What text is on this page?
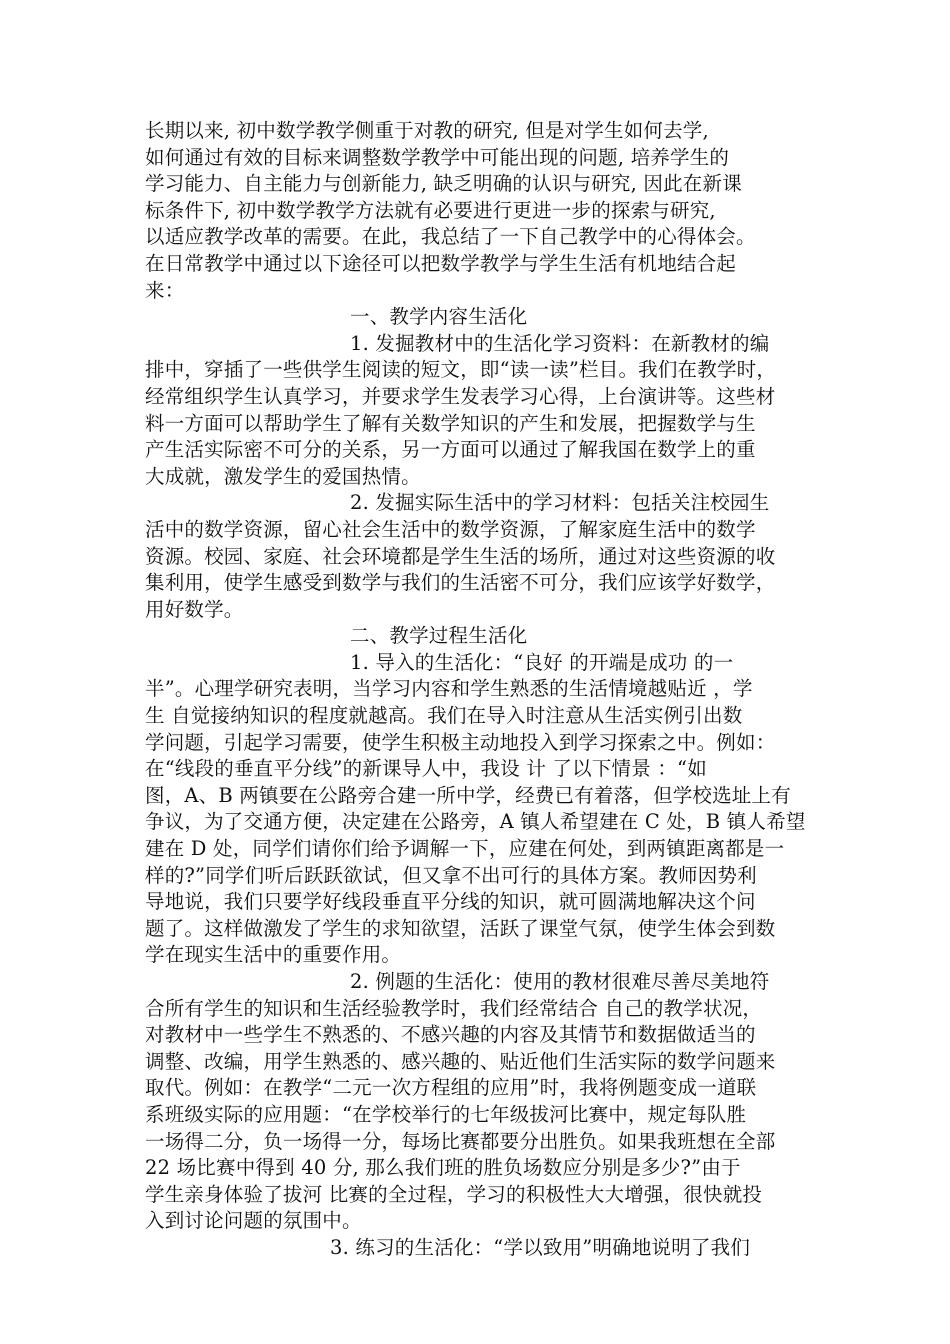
长期以来, 初中数学教学侧重于对教的研究, 但是对学生如何去学,
如何通过有效的目标来调整数学教学中可能出现的问题, 培养学生的
学习能力、自主能力与创新能力, 缺乏明确的认识与研究, 因此在新课
标条件下, 初中数学教学方法就有必要进行更进一步的探索与研究,
以适应教学改革的需要。在此，我总结了一下自己教学中的心得体会。
在日常教学中通过以下途径可以把数学教学与学生生活有机地结合起
来：
一、教学内容生活化
1. 发掘教材中的生活化学习资料：在新教材的编
排中，穿插了一些供学生阅读的短文，即“读一读”栏目。我们在教学时，
经常组织学生认真学习，并要求学生发表学习心得，上台演讲等。这些材
料一方面可以帮助学生了解有关数学知识的产生和发展，把握数学与生
产生活实际密不可分的关系，另一方面可以通过了解我国在数学上的重
大成就，激发学生的爱国热情。
2. 发掘实际生活中的学习材料：包括关注校园生
活中的数学资源，留心社会生活中的数学资源，了解家庭生活中的数学
资源。校园、家庭、社会环境都是学生生活的场所，通过对这些资源的收
集利用，使学生感受到数学与我们的生活密不可分，我们应该学好数学，
用好数学。
二、教学过程生活化
1. 导入的生活化：“良好 的开端是成功 的一
半”。心理学研究表明，当学习内容和学生熟悉的生活情境越贴近 ，学
生 自觉接纳知识的程度就越高。我们在导入时注意从生活实例引出数
学问题，引起学习需要，使学生积极主动地投入到学习探索之中。例如：
在“线段的垂直平分线”的新课导人中，我设 计 了以下情景 ：“如
图，A、B 两镇要在公路旁合建一所中学，经费已有着落，但学校选址上有
争议，为了交通方便，决定建在公路旁，A 镇人希望建在 C 处，B 镇人希望
建在 D 处，同学们请你们给予调解一下，应建在何处，到两镇距离都是一
样的?”同学们听后跃跃欲试，但又拿不出可行的具体方案。教师因势利
导地说，我们只要学好线段垂直平分线的知识，就可圆满地解决这个问
题了。这样做激发了学生的求知欲望，活跃了课堂气氛，使学生体会到数
学在现实生活中的重要作用。
2. 例题的生活化：使用的教材很难尽善尽美地符
合所有学生的知识和生活经验教学时，我们经常结合 自己的教学状况，
对教材中一些学生不熟悉的、不感兴趣的内容及其情节和数据做适当的
调整、改编，用学生熟悉的、感兴趣的、贴近他们生活实际的数学问题来
取代。例如：在教学“二元一次方程组的应用”时，我将例题变成一道联
系班级实际的应用题：“在学校举行的七年级拔河比赛中，规定每队胜
一场得二分，负一场得一分，每场比赛都要分出胜负。如果我班想在全部
22 场比赛中得到 40 分, 那么我们班的胜负场数应分别是多少?”由于
学生亲身体验了拔河 比赛的全过程，学习的积极性大大增强，很快就投
入到讨论问题的氛围中。
3. 练习的生活化：“学以致用”明确地说明了我们
